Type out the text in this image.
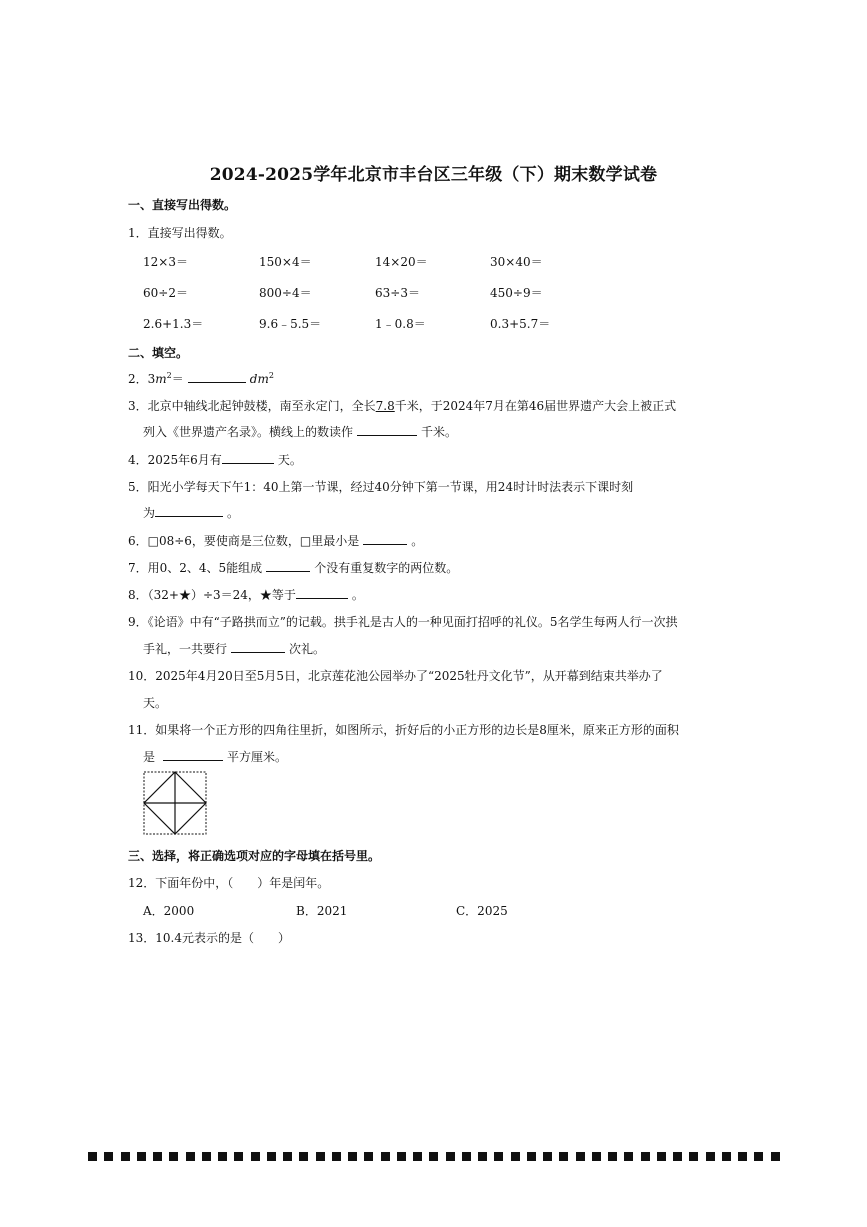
2024-2025学年北京市丰台区三年级（下）期末数学试卷
一、直接写出得数。
1．直接写出得数。
12×3＝	150×4＝	14×20＝	30×40＝
60÷2＝	800÷4＝	63÷3＝	450÷9＝
2.6+1.3＝	9.6﹣5.5＝	1﹣0.8＝	0.3+5.7＝
二、填空。
2．$3m^2=$	$dm^2$
3．北京中轴线北起钟鼓楼，南至永定门，全长7.8千米，于2024年7月在第46届世界遗产大会上被正式
列入《世界遗产名录》。横线上的数读作	千米。
4．2025年6月有	天。
5．阳光小学每天下午1：40上第一节课，经过40分钟下第一节课，用24时计时法表示下课时刻
为	。
6．□08÷6，要使商是三位数，□里最小是	。
7．用0、2、4、5能组成	个没有重复数字的两位数。
8．（32+★）÷3＝24，★等于	。
9．《论语》中有“子路拱而立”的记载。拱手礼是古人的一种见面打招呼的礼仪。5名学生每两人行一次拱
手礼，一共要行	次礼。
10．2025年4月20日至5月5日，北京莲花池公园举办了“2025牡丹文化节”，从开幕到结束共举办了
天。
11．如果将一个正方形的四角往里折，如图所示，折好后的小正方形的边长是8厘米，原来正方形的面积
是	平方厘米。
三、选择，将正确选项对应的字母填在括号里。
12．下面年份中，（　　）年是闰年。
A．2000	B．2021	C．2025
13．10.4元表示的是（　　）
